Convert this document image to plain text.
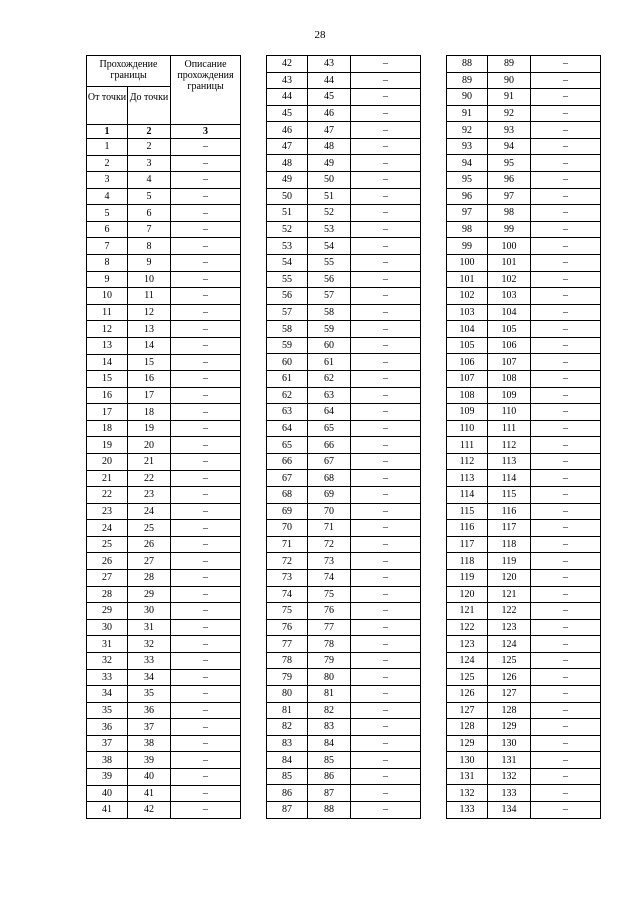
28
Прохождение границы		Описание прохождения границы
От точки	До точки	
1	2	3
1	2	–
2	3	–
3	4	–
4	5	–
5	6	–
6	7	–
7	8	–
8	9	–
9	10	–
10	11	–
11	12	–
12	13	–
13	14	–
14	15	–
15	16	–
16	17	–
17	18	–
18	19	–
19	20	–
20	21	–
21	22	–
22	23	–
23	24	–
24	25	–
25	26	–
26	27	–
27	28	–
28	29	–
29	30	–
30	31	–
31	32	–
32	33	–
33	34	–
34	35	–
35	36	–
36	37	–
37	38	–
38	39	–
39	40	–
40	41	–
41	42	–
42	43	–
43	44	–
44	45	–
45	46	–
46	47	–
47	48	–
48	49	–
49	50	–
50	51	–
51	52	–
52	53	–
53	54	–
54	55	–
55	56	–
56	57	–
57	58	–
58	59	–
59	60	–
60	61	–
61	62	–
62	63	–
63	64	–
64	65	–
65	66	–
66	67	–
67	68	–
68	69	–
69	70	–
70	71	–
71	72	–
72	73	–
73	74	–
74	75	–
75	76	–
76	77	–
77	78	–
78	79	–
79	80	–
80	81	–
81	82	–
82	83	–
83	84	–
84	85	–
85	86	–
86	87	–
87	88	–
88	89	–
89	90	–
90	91	–
91	92	–
92	93	–
93	94	–
94	95	–
95	96	–
96	97	–
97	98	–
98	99	–
99	100	–
100	101	–
101	102	–
102	103	–
103	104	–
104	105	–
105	106	–
106	107	–
107	108	–
108	109	–
109	110	–
110	111	–
111	112	–
112	113	–
113	114	–
114	115	–
115	116	–
116	117	–
117	118	–
118	119	–
119	120	–
120	121	–
121	122	–
122	123	–
123	124	–
124	125	–
125	126	–
126	127	–
127	128	–
128	129	–
129	130	–
130	131	–
131	132	–
132	133	–
133	134	–
